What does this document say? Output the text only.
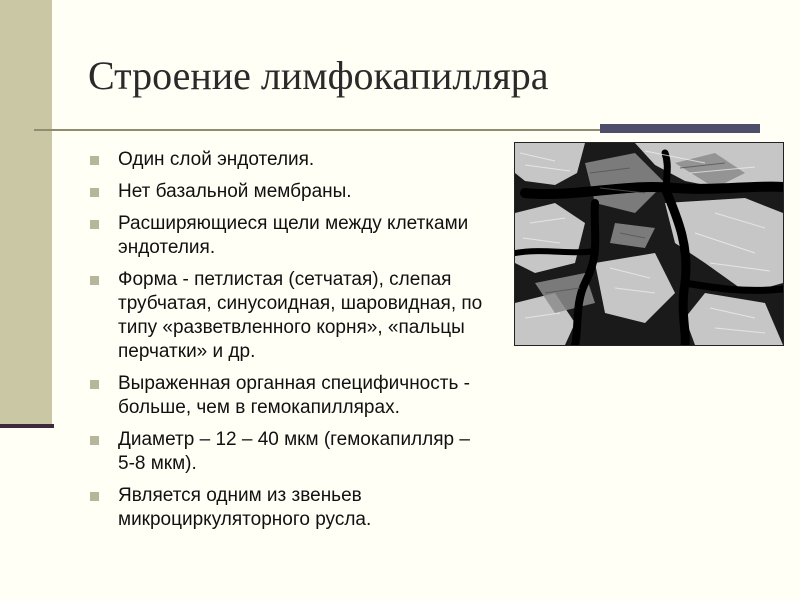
Строение лимфокапилляра
Один слой эндотелия.
Нет базальной мембраны.
Расширяющиеся щели между клетками эндотелия.
Форма - петлистая (сетчатая), слепая трубчатая, синусоидная, шаровидная, по типу «разветвленного корня», «пальцы перчатки» и др.
Выраженная органная специфичность - больше, чем в гемокапиллярах.
Диаметр – 12 – 40 мкм (гемокапилляр – 5-8 мкм).
Является одним из звеньев микроциркуляторного русла.
